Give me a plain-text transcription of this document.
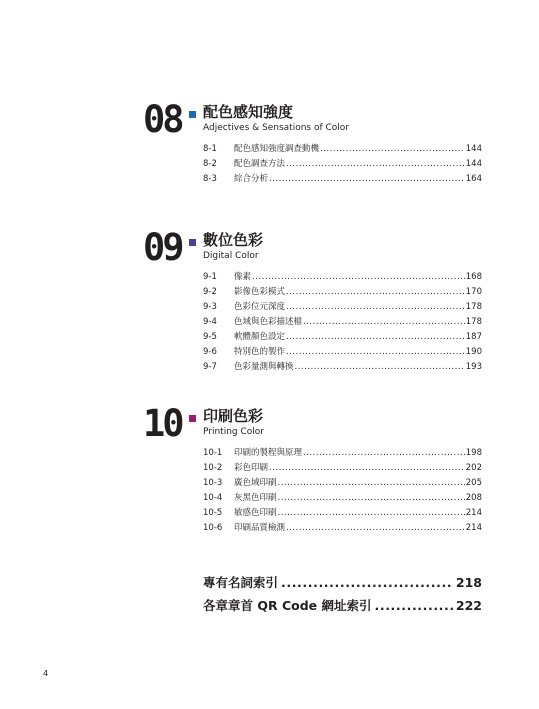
08 配色感知強度
Adjectives & Sensations of Color
8-1	配色感知強度調查動機 .....	144
8-2	配色調查方法 .....	144
8-3	綜合分析 .....	164
09 數位色彩
Digital Color
9-1	像素 .....	168
9-2	影像色彩模式 .....	170
9-3	色彩位元深度 .....	178
9-4	色域與色彩描述檔 .....	178
9-5	軟體顏色設定 .....	187
9-6	特別色的製作 .....	190
9-7	色彩量測與轉換 .....	193
10 印刷色彩
Printing Color
10-1	印刷的製程與原理 .....	198
10-2	彩色印刷 .....	202
10-3	廣色域印刷 .....	205
10-4	灰黑色印刷 .....	208
10-5	敏感色印刷 .....	214
10-6	印刷品質檢測 .....	214
專有名詞索引 .....	218
各章章首 QR Code 網址索引 .....	222
4
